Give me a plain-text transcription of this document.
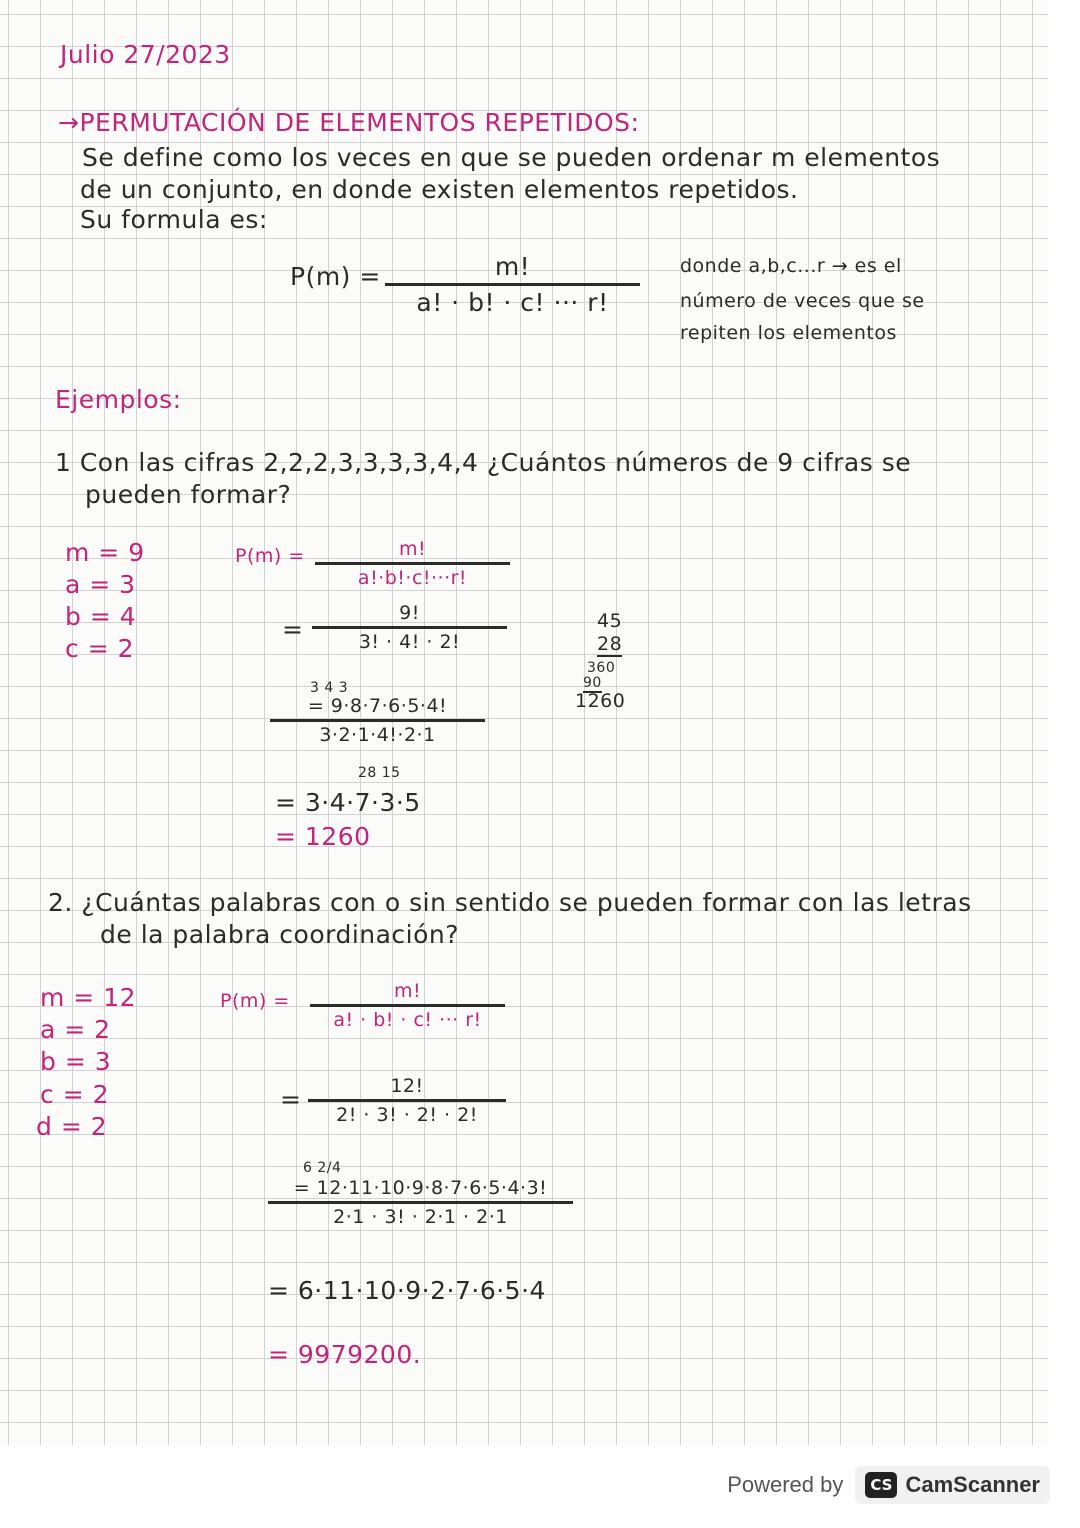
Julio 27/2023
→PERMUTACIÓN DE ELEMENTOS REPETIDOS:
Se define como los veces en que se pueden ordenar m elementos
de un conjunto, en donde existen elementos repetidos.
Su formula es:
$P(m) = \frac{m!}{a! \cdot b! \cdot c! \cdot\cdot\cdot r!}$ donde a,b,c...r → es el
número de veces que se
repiten los elementos
Ejemplos:
1 Con las cifras 2,2,2,3,3,3,3,4,4 ¿Cuántos números de 9 cifras se
pueden formar?
m = 9
a = 3
b = 4
c = 2
$P(m) = \frac{m!}{a!\cdot b!\cdot c!\cdot\cdot\cdot r!}$
= $\frac{9!}{3! \cdot 4! \cdot 2!}$
3 4 3
$\frac{= 9\cdot 8\cdot 7\cdot 6\cdot 5\cdot 4!}{3\cdot 2\cdot 1\cdot 4!\cdot 2\cdot 1}$
28 15
= 3·4·7·3·5
= 1260
45
28
360
90
1260
2. ¿Cuántas palabras con o sin sentido se pueden formar con las letras
de la palabra coordinación?
m = 12
a = 2
b = 3
c = 2
d = 2
$P(m) = \frac{m!}{a! \cdot b! \cdot c! \cdot\cdot\cdot r!}$
= $\frac{12!}{2! \cdot 3! \cdot 2! \cdot 2!}$
6 2/4
$\frac{= 12\cdot 11\cdot 10\cdot 9\cdot 8\cdot 7\cdot 6\cdot 5\cdot 4\cdot 3!}{2\cdot 1 \cdot 3! \cdot 2\cdot 1 \cdot 2\cdot 1}$
= 6·11·10·9·2·7·6·5·4
= 9979200.
Powered by	CS CamScanner
